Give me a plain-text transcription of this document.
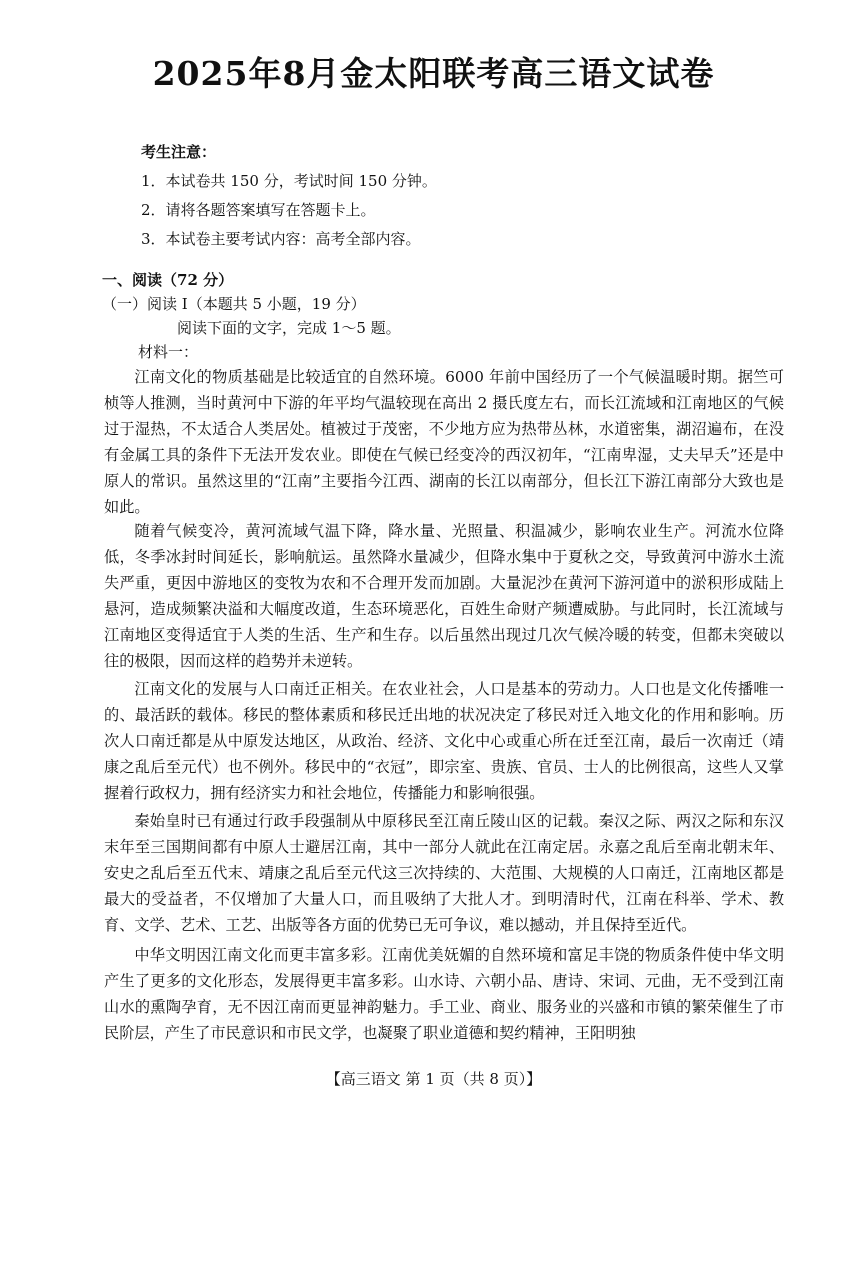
2025年8月金太阳联考高三语文试卷
考生注意：
1．本试卷共 150 分，考试时间 150 分钟。
2．请将各题答案填写在答题卡上。
3．本试卷主要考试内容：高考全部内容。
一、阅读（72 分）
（一）阅读 I（本题共 5 小题，19 分）
阅读下面的文字，完成 1～5 题。
材料一：

江南文化的物质基础是比较适宜的自然环境。6000 年前中国经历了一个气候温暖时期。据竺可桢等人推测，当时黄河中下游的年平均气温较现在高出 2 摄氏度左右，而长江流域和江南地区的气候过于湿热，不太适合人类居处。植被过于茂密，不少地方应为热带丛林，水道密集，湖沼遍布，在没有金属工具的条件下无法开发农业。即使在气候已经变冷的西汉初年，“江南卑湿，丈夫早夭”还是中原人的常识。虽然这里的“江南”主要指今江西、湖南的长江以南部分，但长江下游江南部分大致也是如此。

随着气候变冷，黄河流域气温下降，降水量、光照量、积温减少，影响农业生产。河流水位降低，冬季冰封时间延长，影响航运。虽然降水量减少，但降水集中于夏秋之交，导致黄河中游水土流失严重，更因中游地区的变牧为农和不合理开发而加剧。大量泥沙在黄河下游河道中的淤积形成陆上悬河，造成频繁决溢和大幅度改道，生态环境恶化，百姓生命财产频遭威胁。与此同时，长江流域与江南地区变得适宜于人类的生活、生产和生存。以后虽然出现过几次气候冷暖的转变，但都未突破以往的极限，因而这样的趋势并未逆转。

江南文化的发展与人口南迁正相关。在农业社会，人口是基本的劳动力。人口也是文化传播唯一的、最活跃的载体。移民的整体素质和移民迁出地的状况决定了移民对迁入地文化的作用和影响。历次人口南迁都是从中原发达地区，从政治、经济、文化中心或重心所在迁至江南，最后一次南迁（靖康之乱后至元代）也不例外。移民中的“衣冠”，即宗室、贵族、官员、士人的比例很高，这些人又掌握着行政权力，拥有经济实力和社会地位，传播能力和影响很强。

秦始皇时已有通过行政手段强制从中原移民至江南丘陵山区的记载。秦汉之际、两汉之际和东汉末年至三国期间都有中原人士避居江南，其中一部分人就此在江南定居。永嘉之乱后至南北朝末年、安史之乱后至五代末、靖康之乱后至元代这三次持续的、大范围、大规模的人口南迁，江南地区都是最大的受益者，不仅增加了大量人口，而且吸纳了大批人才。到明清时代，江南在科举、学术、教育、文学、艺术、工艺、出版等各方面的优势已无可争议，难以撼动，并且保持至近代。

中华文明因江南文化而更丰富多彩。江南优美妩媚的自然环境和富足丰饶的物质条件使中华文明产生了更多的文化形态，发展得更丰富多彩。山水诗、六朝小品、唐诗、宋词、元曲，无不受到江南山水的熏陶孕育，无不因江南而更显神韵魅力。手工业、商业、服务业的兴盛和市镇的繁荣催生了市民阶层，产生了市民意识和市民文学，也凝聚了职业道德和契约精神，王阳明独

【高三语文 第 1 页（共 8 页）】
